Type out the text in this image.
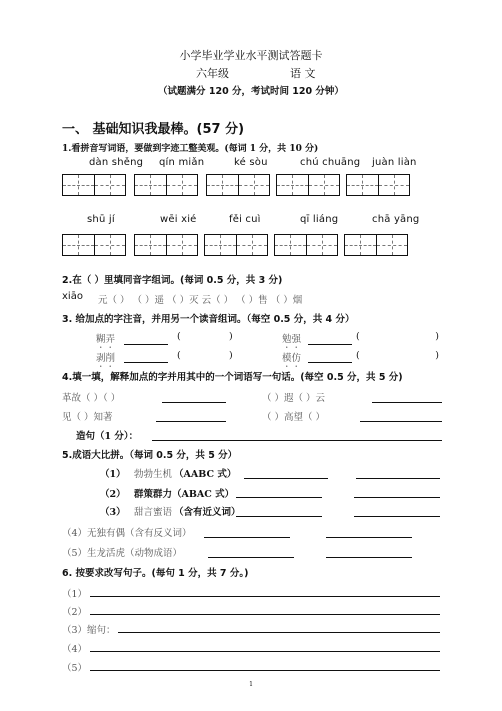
小学毕业学业水平测试答题卡
六年级	语 文
（试题满分 120 分，考试时间 120 分钟）
一、 基础知识我最棒。(57 分)
1.看拼音写词语，要做到字迹工整美观。(每词 1 分，共 10 分)
dàn shěng qín miǎn	ké sòu	chú chuāng juàn liàn
shū jí	wēi xié	fěi cuì	qī liáng	chā yāng
2.在（ ）里填同音字组词。(每词 0.5 分，共 3 分)
xiāo 元（ ） （ ）遥 （ ）灭 云（ ） （ ）售 （ ）烟
3. 给加点的字注音，并用另一个读音组词。（每空 0.5 分，共 4 分）
糊弄	(                )	勉强	(                         )
剥削	(                )	模仿	(                         )
4.填一填，解释加点的字并用其中的一个词语写一句话。(每空 0.5 分，共 5 分)
革故（ ）（ ）	（ ）遐（ ）云
见（ ）知著	（ ）高望（ ）
造句（1 分）：
5.成语大比拼。（每词 0.5 分，共 5 分）
（1） 勃勃生机 （AABC 式）
（2） 群策群力（ABAC 式）
（3） 甜言蜜语 （含有近义词）
（4）无独有偶（含有反义词）
（5）生龙活虎（动物成语）
6. 按要求改写句子。(每句 1 分，共 7 分。)
（1）
（2）
（3）缩句：
（4）
（5）
1
